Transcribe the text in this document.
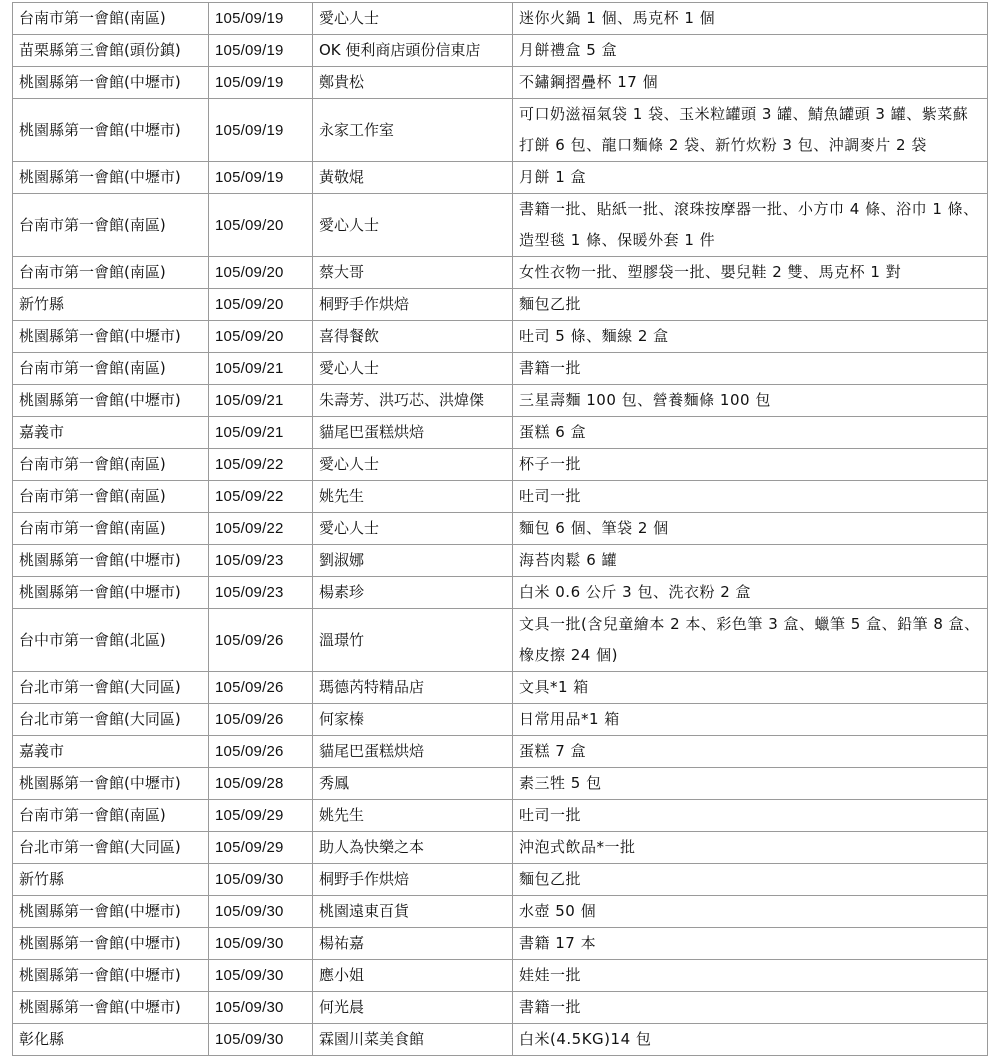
台南市第一會館(南區)	105/09/19	愛心人士	迷你火鍋 1 個、馬克杯 1 個
苗栗縣第三會館(頭份鎮)	105/09/19	OK 便利商店頭份信東店	月餅禮盒 5 盒
桃園縣第一會館(中壢市)	105/09/19	鄭貴松	不鏽鋼摺疊杯 17 個
桃園縣第一會館(中壢市)	105/09/19	永家工作室	可口奶滋福氣袋 1 袋、玉米粒罐頭 3 罐、鯖魚罐頭 3 罐、紫菜蘇打餅 6 包、龍口麵條 2 袋、新竹炊粉 3 包、沖調麥片 2 袋
桃園縣第一會館(中壢市)	105/09/19	黃敬焜	月餅 1 盒
台南市第一會館(南區)	105/09/20	愛心人士	書籍一批、貼紙一批、滾珠按摩器一批、小方巾 4 條、浴巾 1 條、造型毯 1 條、保暖外套 1 件
台南市第一會館(南區)	105/09/20	蔡大哥	女性衣物一批、塑膠袋一批、嬰兒鞋 2 雙、馬克杯 1 對
新竹縣	105/09/20	桐野手作烘焙	麵包乙批
桃園縣第一會館(中壢市)	105/09/20	喜得餐飲	吐司 5 條、麵線 2 盒
台南市第一會館(南區)	105/09/21	愛心人士	書籍一批
桃園縣第一會館(中壢市)	105/09/21	朱壽芳、洪巧芯、洪煒傑	三星壽麵 100 包、營養麵條 100 包
嘉義市	105/09/21	貓尾巴蛋糕烘焙	蛋糕 6 盒
台南市第一會館(南區)	105/09/22	愛心人士	杯子一批
台南市第一會館(南區)	105/09/22	姚先生	吐司一批
台南市第一會館(南區)	105/09/22	愛心人士	麵包 6 個、筆袋 2 個
桃園縣第一會館(中壢市)	105/09/23	劉淑娜	海苔肉鬆 6 罐
桃園縣第一會館(中壢市)	105/09/23	楊素珍	白米 0.6 公斤 3 包、洗衣粉 2 盒
台中市第一會館(北區)	105/09/26	溫璟竹	文具一批(含兒童繪本 2 本、彩色筆 3 盒、蠟筆 5 盒、鉛筆 8 盒、橡皮擦 24 個)
台北市第一會館(大同區)	105/09/26	瑪德芮特精品店	文具*1 箱
台北市第一會館(大同區)	105/09/26	何家榛	日常用品*1 箱
嘉義市	105/09/26	貓尾巴蛋糕烘焙	蛋糕 7 盒
桃園縣第一會館(中壢市)	105/09/28	秀鳳	素三牲 5 包
台南市第一會館(南區)	105/09/29	姚先生	吐司一批
台北市第一會館(大同區)	105/09/29	助人為快樂之本	沖泡式飲品*一批
新竹縣	105/09/30	桐野手作烘焙	麵包乙批
桃園縣第一會館(中壢市)	105/09/30	桃園遠東百貨	水壺 50 個
桃園縣第一會館(中壢市)	105/09/30	楊祐嘉	書籍 17 本
桃園縣第一會館(中壢市)	105/09/30	應小姐	娃娃一批
桃園縣第一會館(中壢市)	105/09/30	何光晨	書籍一批
彰化縣	105/09/30	霖園川菜美食館	白米(4.5KG)14 包
